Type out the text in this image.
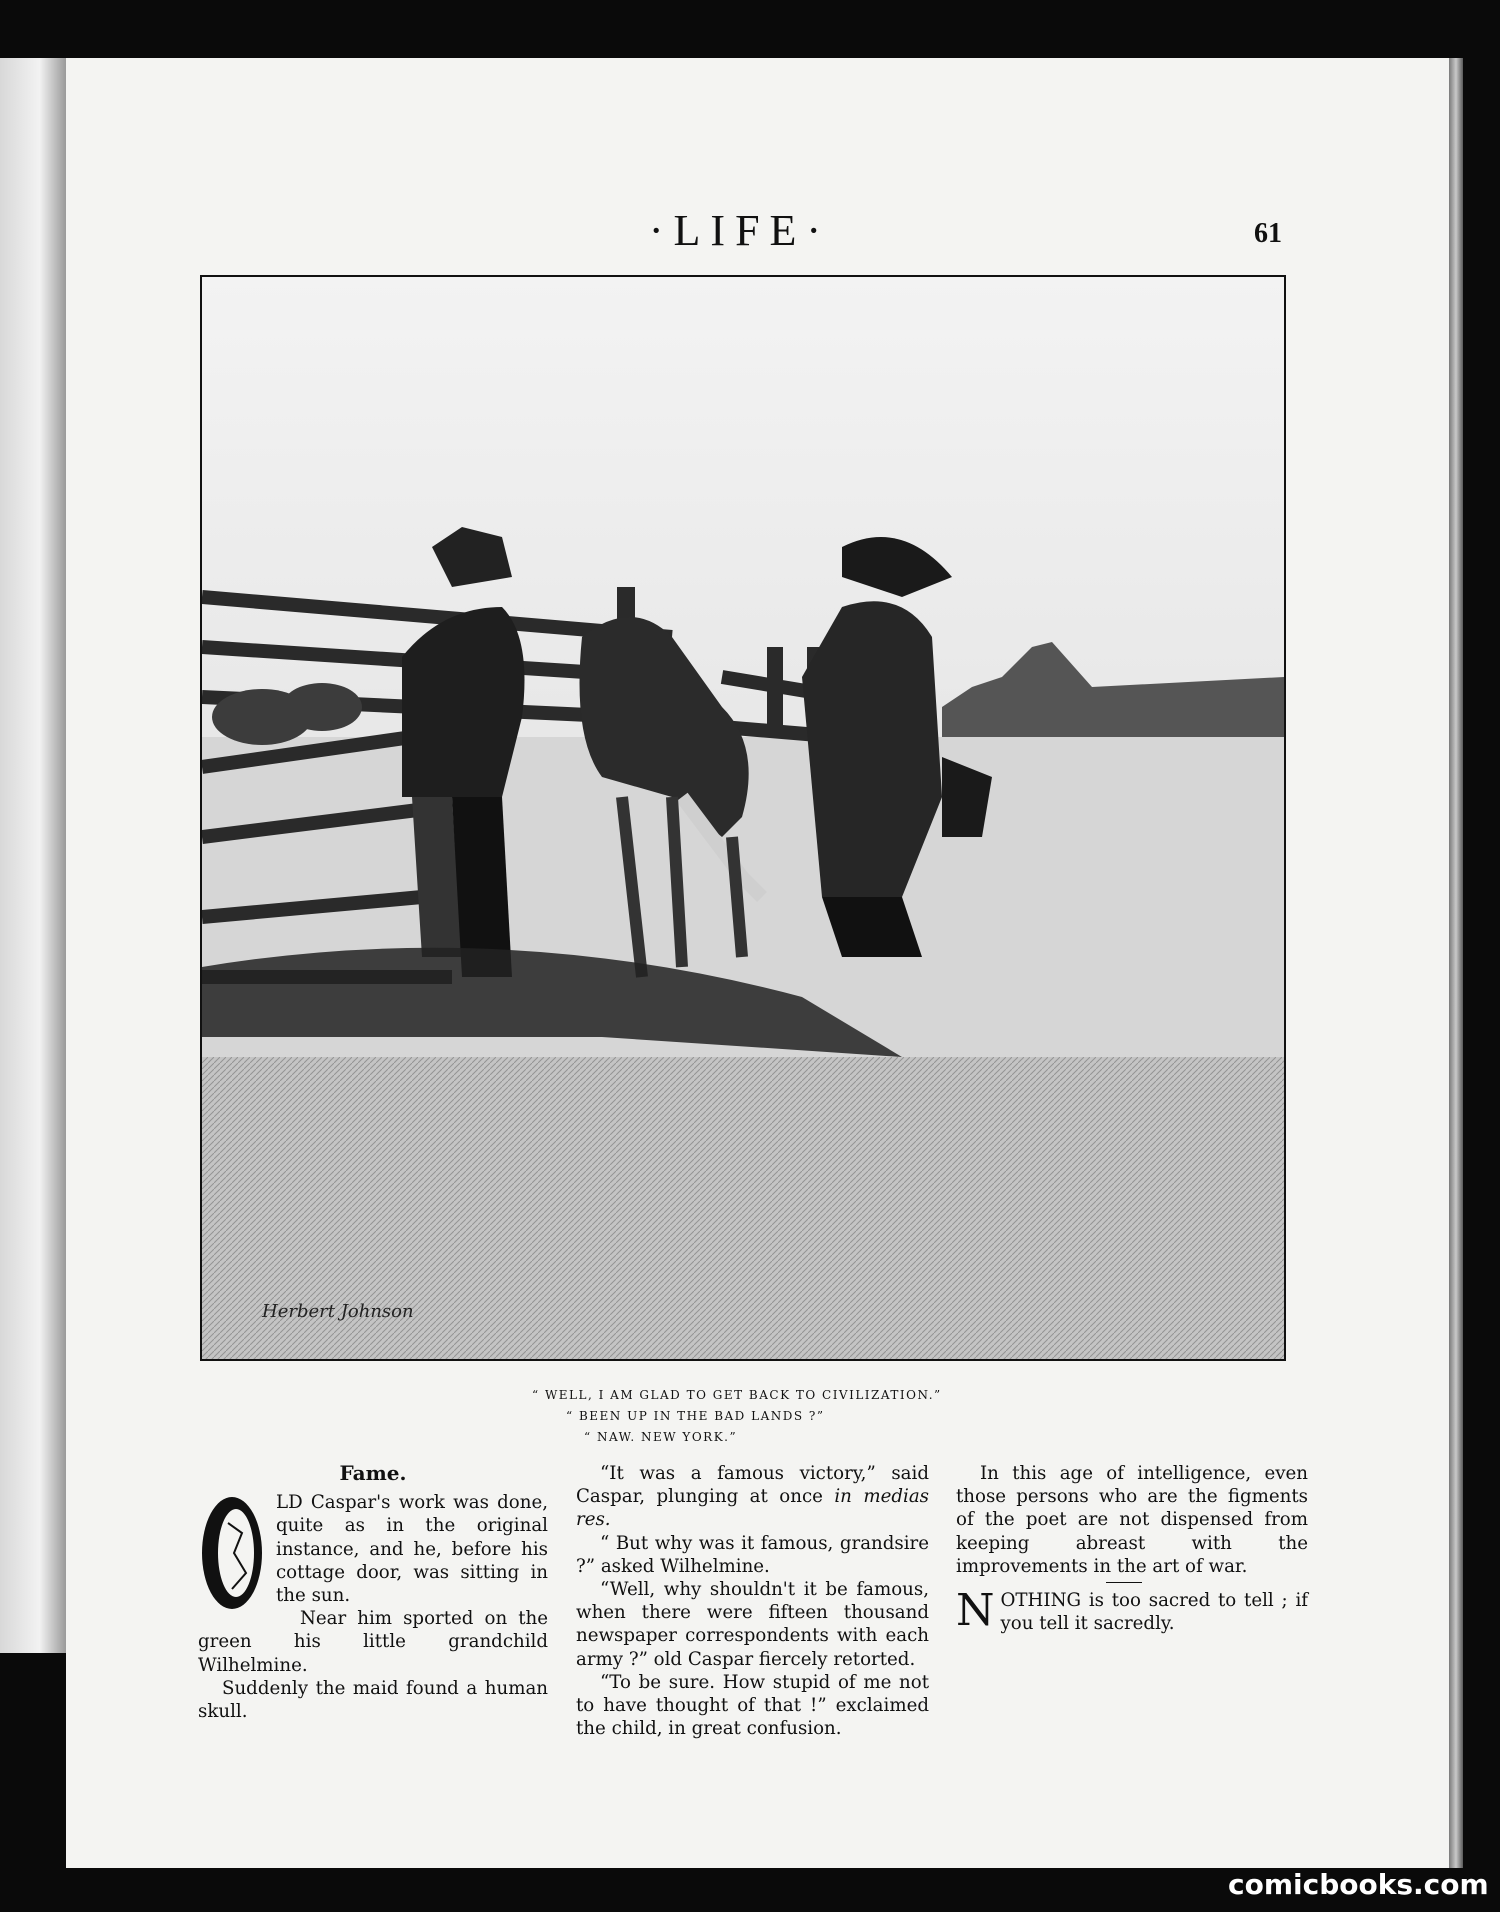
·LIFE·	61
Herbert Johnson
“ WELL, I AM GLAD TO GET BACK TO CIVILIZATION.”
“ BEEN UP IN THE BAD LANDS ?”
“ NAW. NEW YORK.”

Fame.

O	LD Caspar's work was done, quite as in the original instance, and he, before his cottage door, was sitting in the sun.

Near him sported on the green his little grandchild Wilhelmine.

Suddenly the maid found a human skull.

“It was a famous victory,” said Caspar, plunging at once in medias res.

“ But why was it famous, grandsire ?” asked Wilhelmine.

“Well, why shouldn't it be famous, when there were fifteen thousand newspaper correspondents with each army ?” old Caspar fiercely retorted.

“To be sure. How stupid of me not to have thought of that !” exclaimed the child, in great confusion.

In this age of intelligence, even those persons who are the figments of the poet are not dispensed from keeping abreast with the improvements in the art of war.

NOTHING is too sacred to tell ; if you tell it sacredly.

comicbooks.com
